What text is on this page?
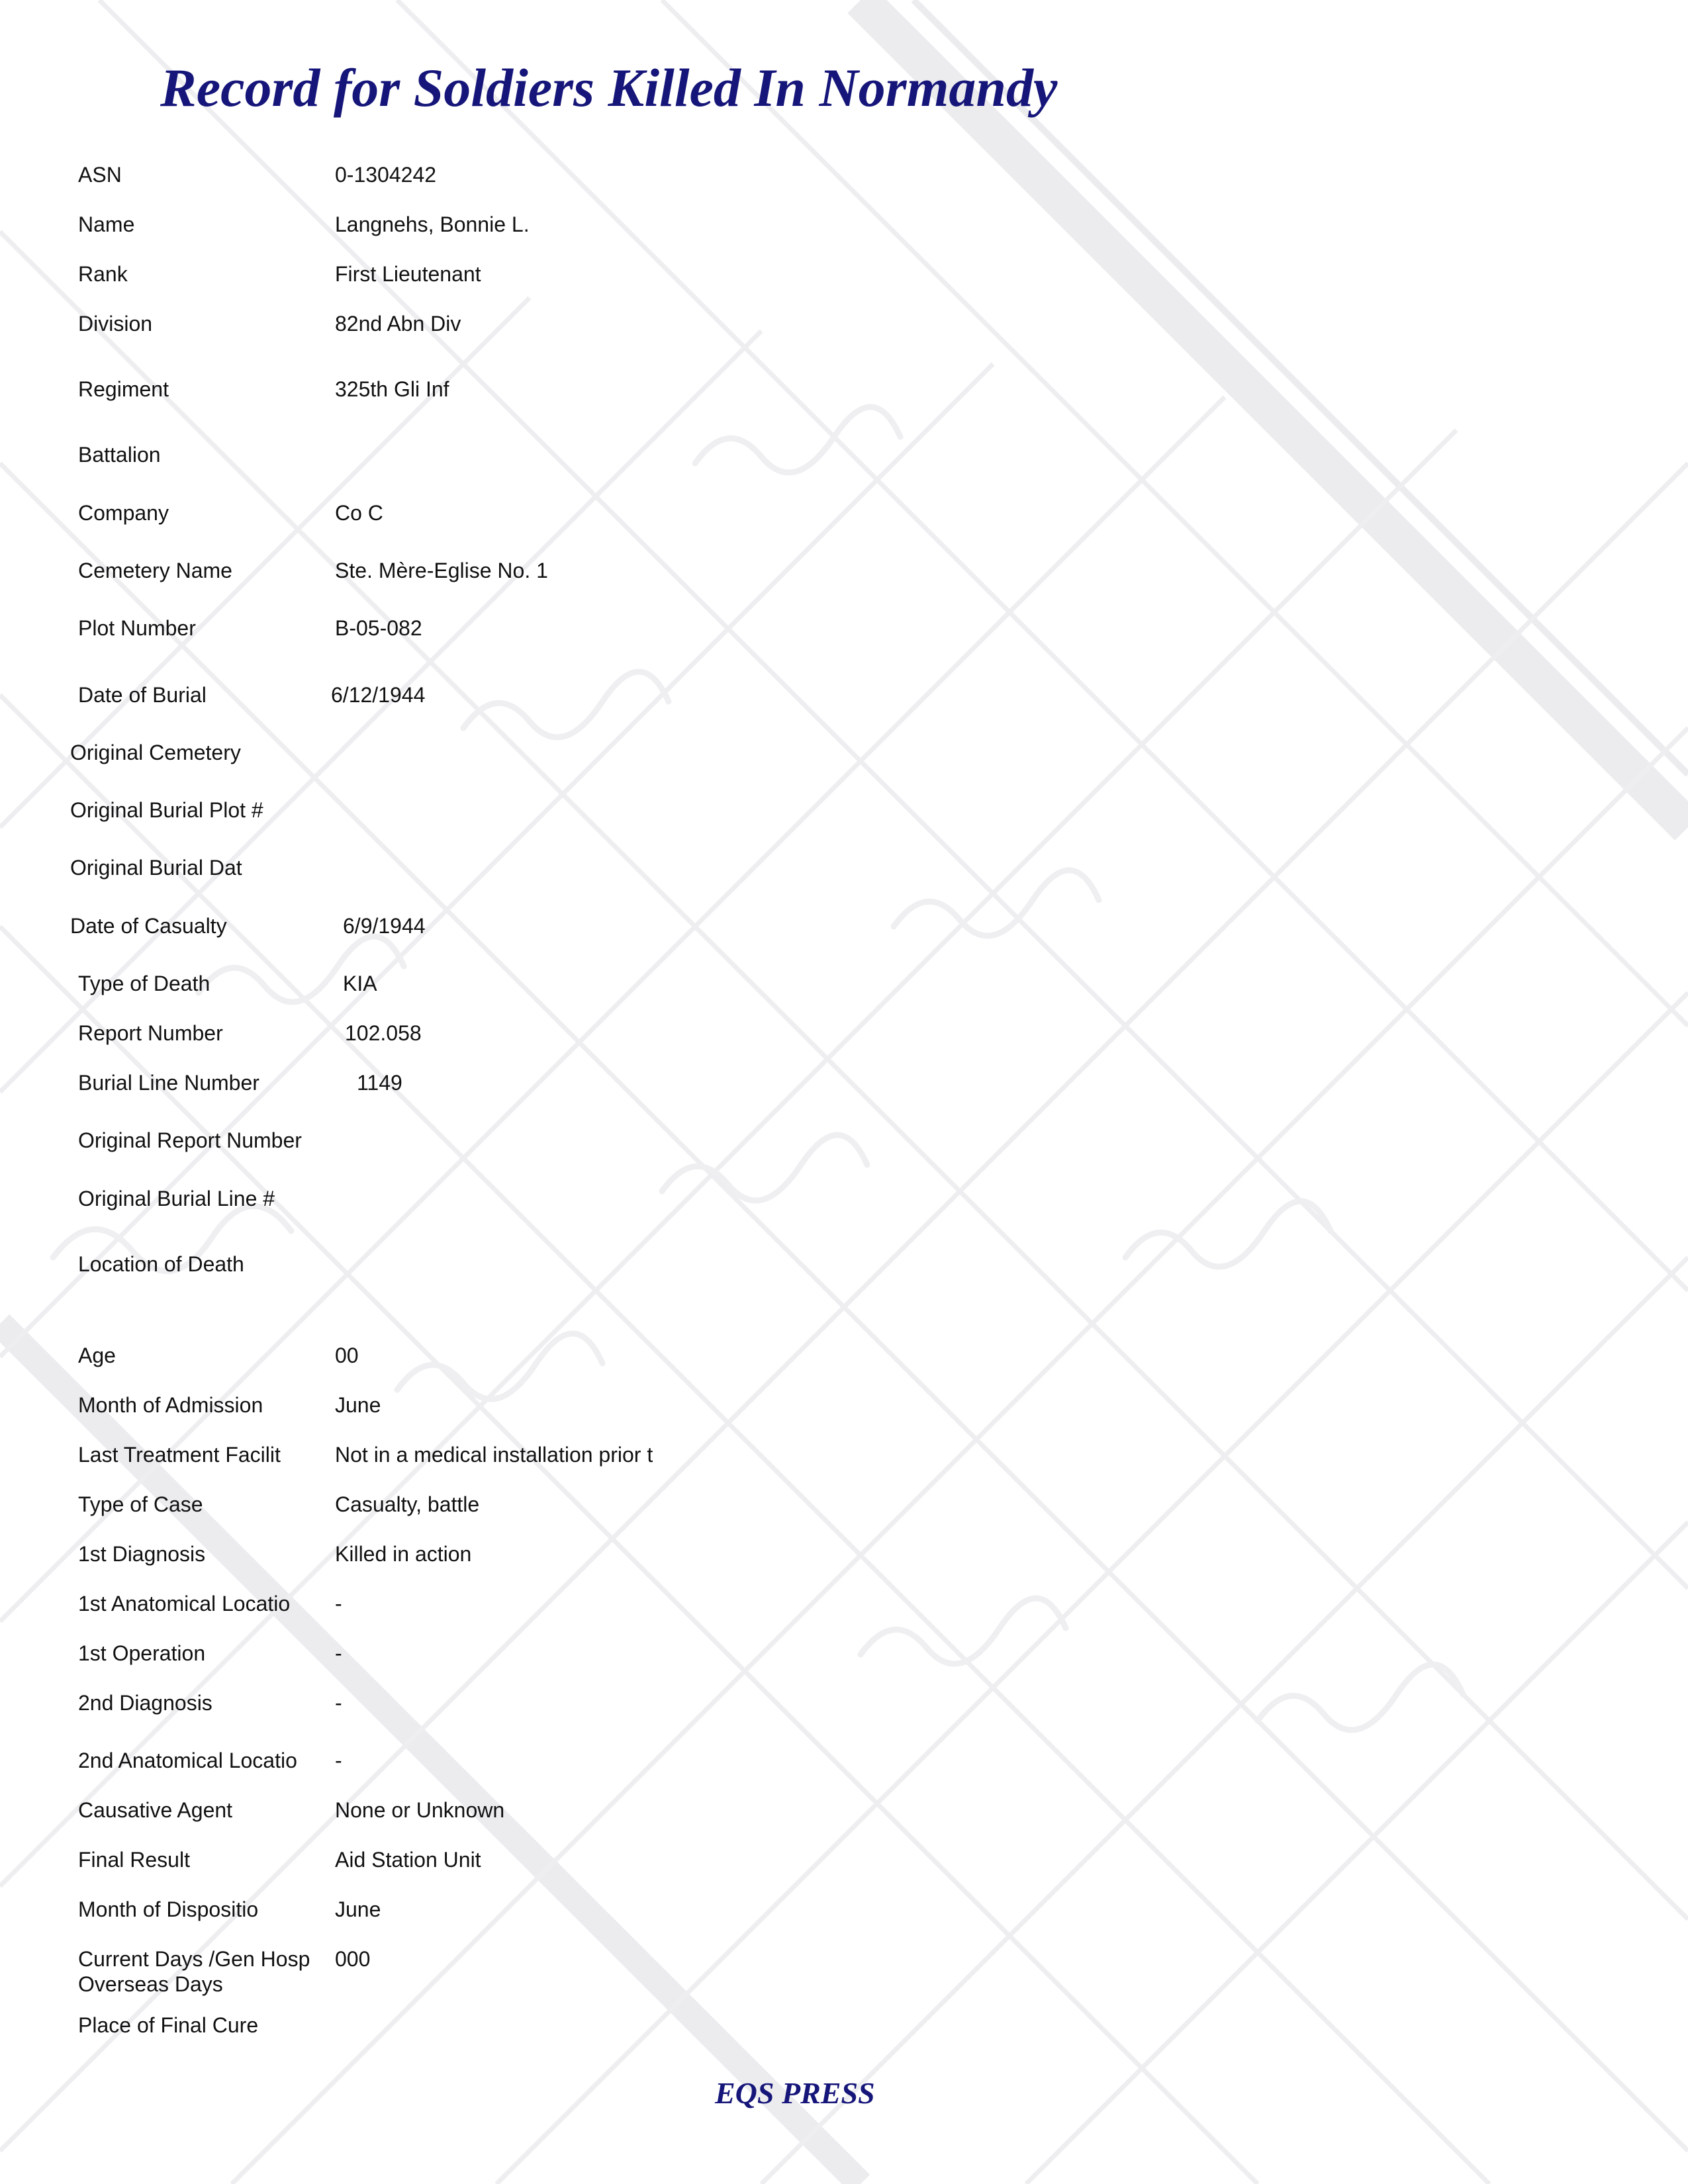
Record for Soldiers Killed In Normandy
ASN	0-1304242
Name	Langnehs, Bonnie L.
Rank	First Lieutenant
Division	82nd Abn Div
Regiment	325th Gli Inf
Battalion
Company	Co C
Cemetery Name	Ste. Mère-Eglise No. 1
Plot Number	B-05-082
Date of Burial	6/12/1944
Original Cemetery
Original Burial Plot #
Original Burial Dat
Date of Casualty	6/9/1944
Type of Death	KIA
Report Number	102.058
Burial Line Number	1149
Original Report Number
Original Burial Line #
Location of Death
Age	00
Month of Admission	June
Last Treatment Facilit	Not in a medical installation prior t
Type of Case	Casualty, battle
1st Diagnosis	Killed in action
1st Anatomical Locatio -
1st Operation	-
2nd Diagnosis	-
2nd Anatomical Locatio -
Causative Agent	None or Unknown
Final Result	Aid Station Unit
Month of Dispositio	June
Current Days /Gen Hosp 000
Overseas Days
Place of Final Cure
EQS PRESS
